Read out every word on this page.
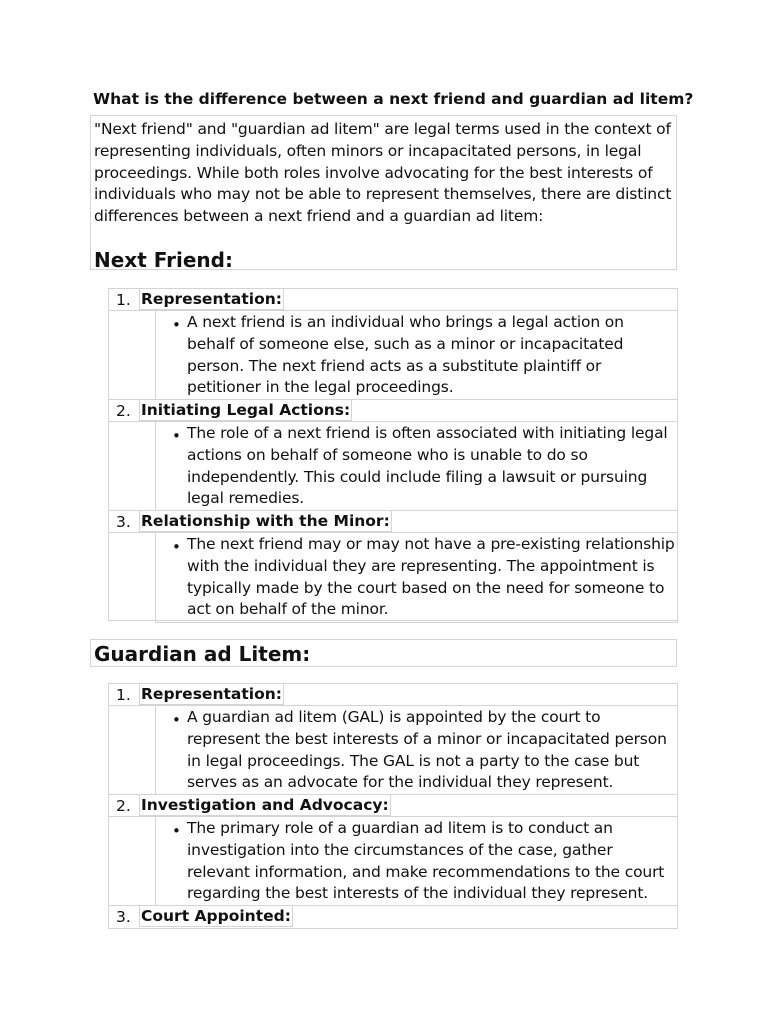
What is the difference between a next friend and guardian ad litem?

"Next friend" and "guardian ad litem" are legal terms used in the context of representing individuals, often minors or incapacitated persons, in legal proceedings. While both roles involve advocating for the best interests of individuals who may not be able to represent themselves, there are distinct differences between a next friend and a guardian ad litem:

Next Friend:
1. Representation:
• A next friend is an individual who brings a legal action on behalf of someone else, such as a minor or incapacitated person. The next friend acts as a substitute plaintiff or petitioner in the legal proceedings.

2. Initiating Legal Actions:
• The role of a next friend is often associated with initiating legal actions on behalf of someone who is unable to do so independently. This could include filing a lawsuit or pursuing legal remedies.

3. Relationship with the Minor:
• The next friend may or may not have a pre-existing relationship with the individual they are representing. The appointment is typically made by the court based on the need for someone to act on behalf of the minor.

Guardian ad Litem:
1. Representation:
• A guardian ad litem (GAL) is appointed by the court to represent the best interests of a minor or incapacitated person in legal proceedings. The GAL is not a party to the case but serves as an advocate for the individual they represent.

2. Investigation and Advocacy:
• The primary role of a guardian ad litem is to conduct an investigation into the circumstances of the case, gather relevant information, and make recommendations to the court regarding the best interests of the individual they represent.

3. Court Appointed:
